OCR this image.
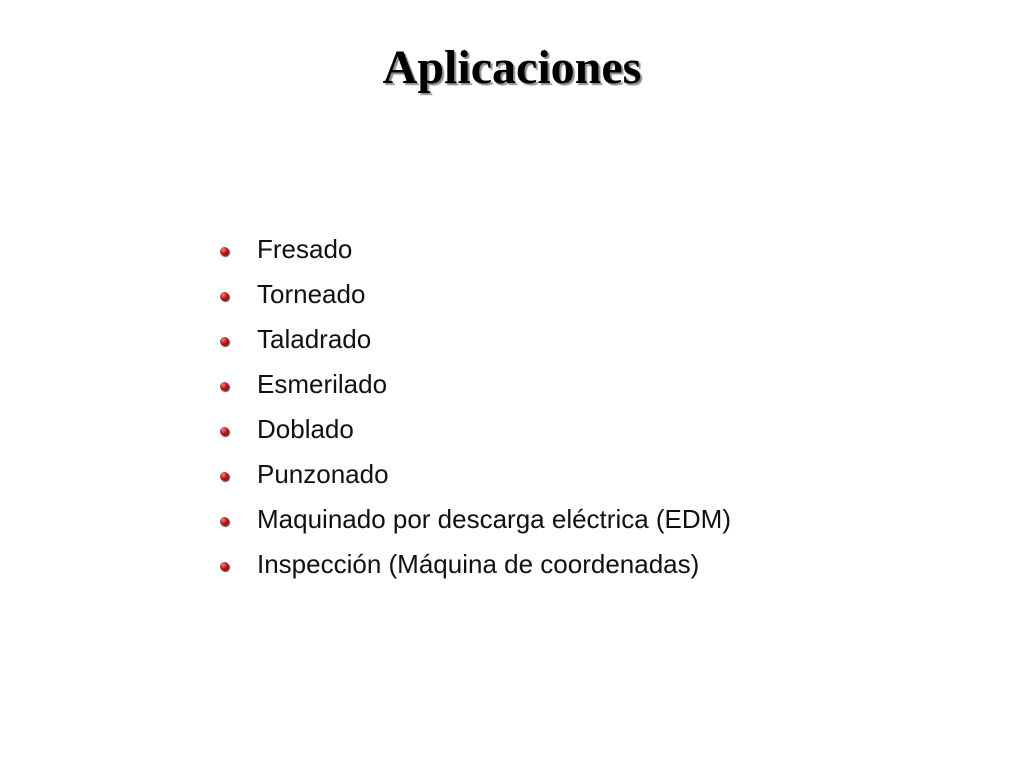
Aplicaciones
Fresado
Torneado
Taladrado
Esmerilado
Doblado
Punzonado
Maquinado por descarga eléctrica (EDM)
Inspección (Máquina de coordenadas)
